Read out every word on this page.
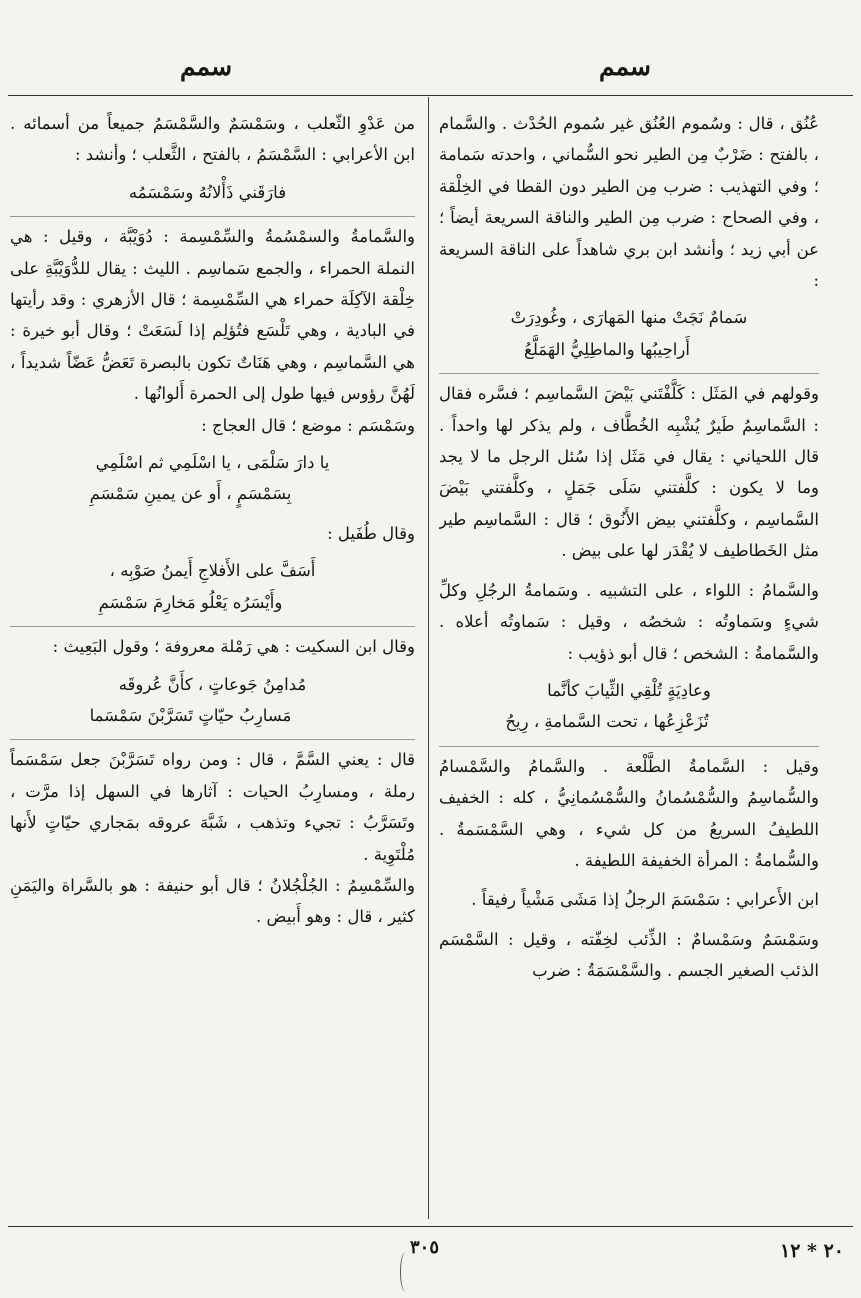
سمم
سمم

عُنُق ، قال : وسُموم العُنُق غير سُموم الحُدْث . والسَّمام ، بالفتح : ضَرْبٌ مِن الطير نحو السُّماني ، واحدته سَمامة ؛ وفي التهذيب : ضرب مِن الطير دون القطا في الخِلْقة ، وفي الصحاح : ضرب مِن الطير والناقة السريعة أيضاً ؛ عن أبي زيد ؛ وأنشد ابن بري شاهداً على الناقة السريعة :

سَمامٌ نَجَتْ منها المَهارَى ، وغُودِرَتْ
أَراحِيبُها والماطِلِيُّ الهَمَلَّعُ

وقولهم في المَثَل : كَلَّفْتَني بَيْضَ السَّماسِم ؛ فسَّره فقال : السَّماسِمُ طَيرٌ يُشْبِه الخُطَّاف ، ولم يذكر لها واحداً . قال اللحياني : يقال في مَثَل إذا سُئل الرجل ما لا يجد وما لا يكون : كلَّفتني سَلَى جَمَلٍ ، وكلَّفتني بَيْضَ السَّماسِم ، وكلَّفتني بيض الأَنُوق ؛ قال : السَّماسِم طير مثل الخَطاطيف لا يُقْدَر لها على بيض .

والسَّمامُ : اللواء ، على التشبيه . وسَمامةُ الرجُلِ وكلِّ شيءٍ وسَماوتُه : شخصُه ، وقيل : سَماوتُه أعلاه . والسَّمامةُ : الشخص ؛ قال أبو ذؤيب :

وعادِيَةٍ تُلْقِي الثِّيابَ كأنَّما
تُزَعْزِعُها ، تحت السَّمامةِ ، رِيحُ

وقيل : السَّمامةُ الطَّلْعة . والسَّمامُ والسَّمْسامُ والسُّماسِمُ والسُّمْسُمانُ والسُّمْسُمانِيُّ ، كله : الخفيف اللطيفُ السريعُ من كل شيء ، وهي السَّمْسَمةُ . والسُّمامةُ : المرأة الخفيفة اللطيفة .

ابن الأَعرابي : سَمْسَمَ الرجلُ إذا مَشَى مَشْياً رفيقاً .

وسَمْسَمٌ وسَمْسامٌ : الذِّئب لخِفّته ، وقيل : السَّمْسَم الذئب الصغير الجسم . والسَّمْسَمَةُ : ضرب

من عَدْوِ الثّعلب ، وسَمْسَمٌ والسَّمْسَمُ جميعاً من أسمائه . ابن الأعرابي : السَّمْسَمُ ، بالفتح ، الثَّعلب ؛ وأنشد :

فارَقَني ذَأْلانُهُ وسَمْسَمُه

والسَّمامةُ والسمْسُمةُ والسِّمْسِمة : دُوَيْبَّة ، وقيل : هي النملة الحمراء ، والجمع سَماسِم . الليث : يقال للدُّوَيْبَّةِ على خِلْقة الآكِلَة حمراء هي السِّمْسِمة ؛ قال الأزهري : وقد رأيتها في البادية ، وهي تَلْسَع فتُؤلِم إذا لَسَعَتْ ؛ وقال أبو خيرة : هي السَّماسِم ، وهي هَنَاتٌ تكون بالبصرة تَعَضُّ عَضّاً شديداً ، لَهُنَّ رؤوس فيها طول إلى الحمرة أَلوانُها .

وسَمْسَم : موضع ؛ قال العجاج :

يا دارَ سَلْمَى ، يا اسْلَمِي ثم اسْلَمِي
بِسَمْسَمٍ ، أَو عن يمينِ سَمْسَمِ

وقال طُفَيل :

أَسَفَّ على الأَفلاجِ أَيمنُ صَوْبِه ،
وأَيْسَرُه يَعْلُو مَخارِمَ سَمْسَمِ

وقال ابن السكيت : هي رَمْلة معروفة ؛ وقول البَعِيث :

مُدامِنُ جَوعاتٍ ، كأَنَّ عُروقَه
مَسارِبُ حيّاتٍ تَسَرَّبْنَ سَمْسَما

قال : يعني السَّمَّ ، قال : ومن رواه تَسَرَّبْنَ جعل سَمْسَماً رملة ، ومسارِبُ الحيات : آثارها في السهل إذا مرَّت ، وتَسَرَّبُ : تجيء وتذهب ، شَبَّهَ عروقه بمَجاري حيّاتٍ لأَنها مُلْتَوِية .

والسِّمْسِمُ : الجُلْجُلانُ ؛ قال أبو حنيفة : هو بالسَّراة واليَمَنِ كثير ، قال : وهو أَبيض .

٢٠ * ١٢
٣٠٥
